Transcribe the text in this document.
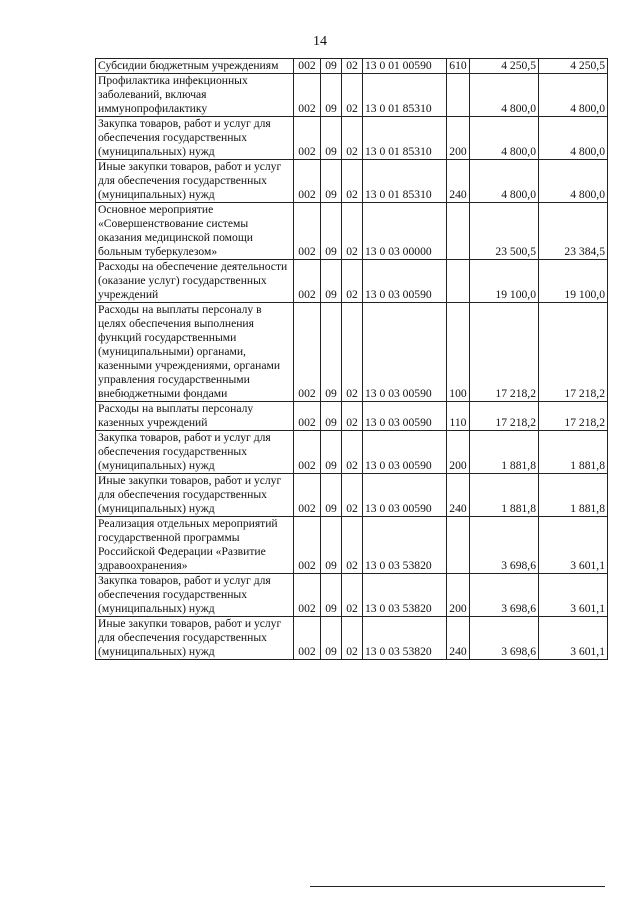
14
Субсидии бюджетным учреждениям	002	09	02	13 0 01 00590	610	4 250,5	4 250,5
Профилактика инфекционных заболеваний, включая иммунопрофилактику	002	09	02	13 0 01 85310		4 800,0	4 800,0
Закупка товаров, работ и услуг для обеспечения государственных (муниципальных) нужд	002	09	02	13 0 01 85310	200	4 800,0	4 800,0
Иные закупки товаров, работ и услуг для обеспечения государственных (муниципальных) нужд	002	09	02	13 0 01 85310	240	4 800,0	4 800,0
Основное мероприятие «Совершенствование системы оказания медицинской помощи больным туберкулезом»	002	09	02	13 0 03 00000		23 500,5	23 384,5
Расходы на обеспечение деятельности (оказание услуг) государственных учреждений	002	09	02	13 0 03 00590		19 100,0	19 100,0
Расходы на выплаты персоналу в целях обеспечения выполнения функций государственными (муниципальными) органами, казенными учреждениями, органами управления государственными внебюджетными фондами	002	09	02	13 0 03 00590	100	17 218,2	17 218,2
Расходы на выплаты персоналу казенных учреждений	002	09	02	13 0 03 00590	110	17 218,2	17 218,2
Закупка товаров, работ и услуг для обеспечения государственных (муниципальных) нужд	002	09	02	13 0 03 00590	200	1 881,8	1 881,8
Иные закупки товаров, работ и услуг для обеспечения государственных (муниципальных) нужд	002	09	02	13 0 03 00590	240	1 881,8	1 881,8
Реализация отдельных мероприятий государственной программы Российской Федерации «Развитие здравоохранения»	002	09	02	13 0 03 53820		3 698,6	3 601,1
Закупка товаров, работ и услуг для обеспечения государственных (муниципальных) нужд	002	09	02	13 0 03 53820	200	3 698,6	3 601,1
Иные закупки товаров, работ и услуг для обеспечения государственных (муниципальных) нужд	002	09	02	13 0 03 53820	240	3 698,6	3 601,1
